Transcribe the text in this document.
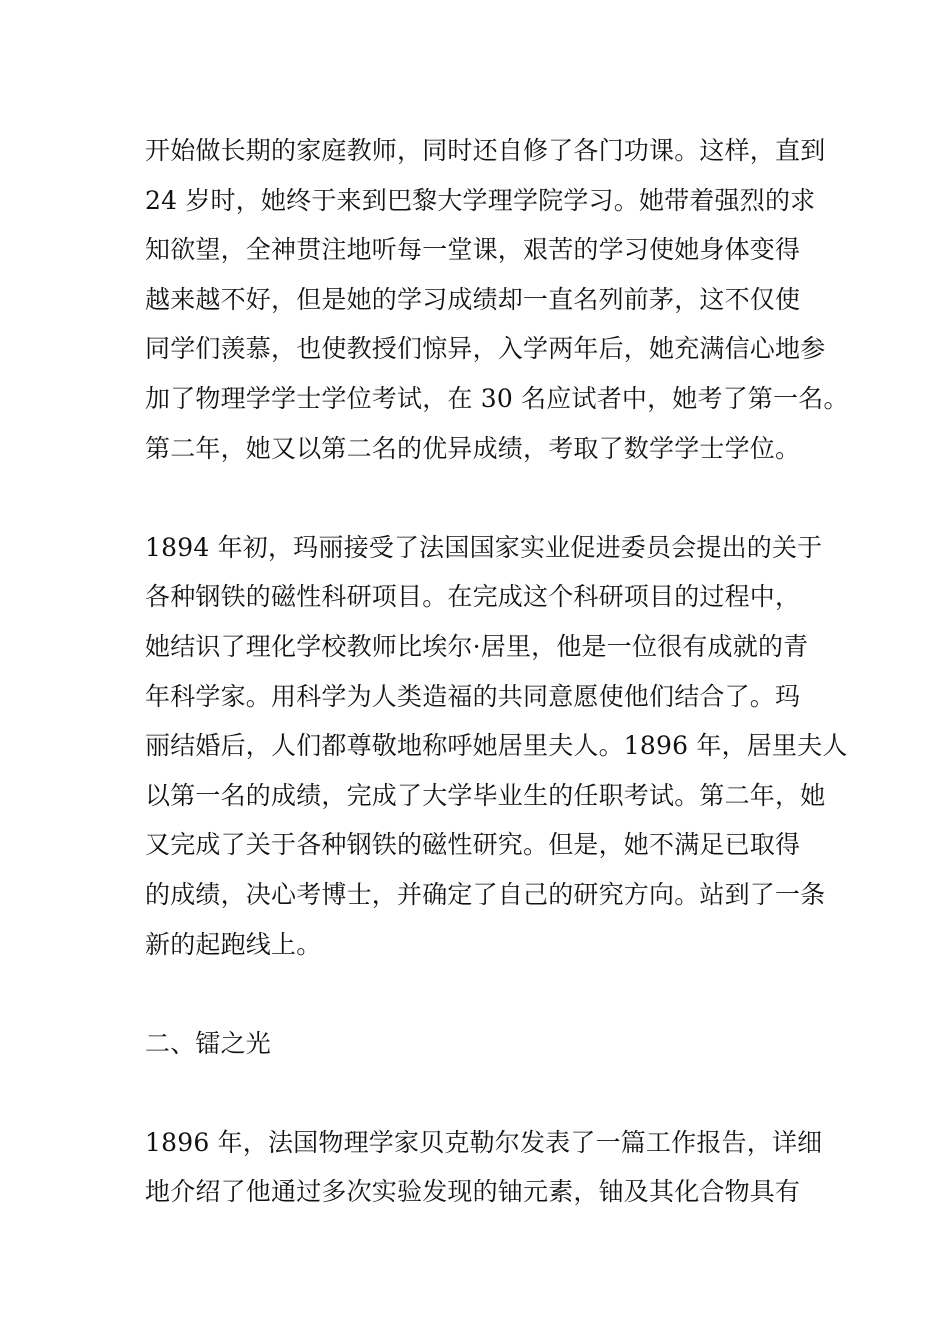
开始做长期的家庭教师，同时还自修了各门功课。这样，直到
24 岁时，她终于来到巴黎大学理学院学习。她带着强烈的求
知欲望，全神贯注地听每一堂课，艰苦的学习使她身体变得
越来越不好，但是她的学习成绩却一直名列前茅，这不仅使
同学们羡慕，也使教授们惊异，入学两年后，她充满信心地参
加了物理学学士学位考试，在 30 名应试者中，她考了第一名。
第二年，她又以第二名的优异成绩，考取了数学学士学位。
1894 年初，玛丽接受了法国国家实业促进委员会提出的关于
各种钢铁的磁性科研项目。在完成这个科研项目的过程中，
她结识了理化学校教师比埃尔·居里，他是一位很有成就的青
年科学家。用科学为人类造福的共同意愿使他们结合了。玛
丽结婚后，人们都尊敬地称呼她居里夫人。1896 年，居里夫人
以第一名的成绩，完成了大学毕业生的任职考试。第二年，她
又完成了关于各种钢铁的磁性研究。但是，她不满足已取得
的成绩，决心考博士，并确定了自己的研究方向。站到了一条
新的起跑线上。
二、镭之光
1896 年，法国物理学家贝克勒尔发表了一篇工作报告，详细
地介绍了他通过多次实验发现的铀元素，铀及其化合物具有
